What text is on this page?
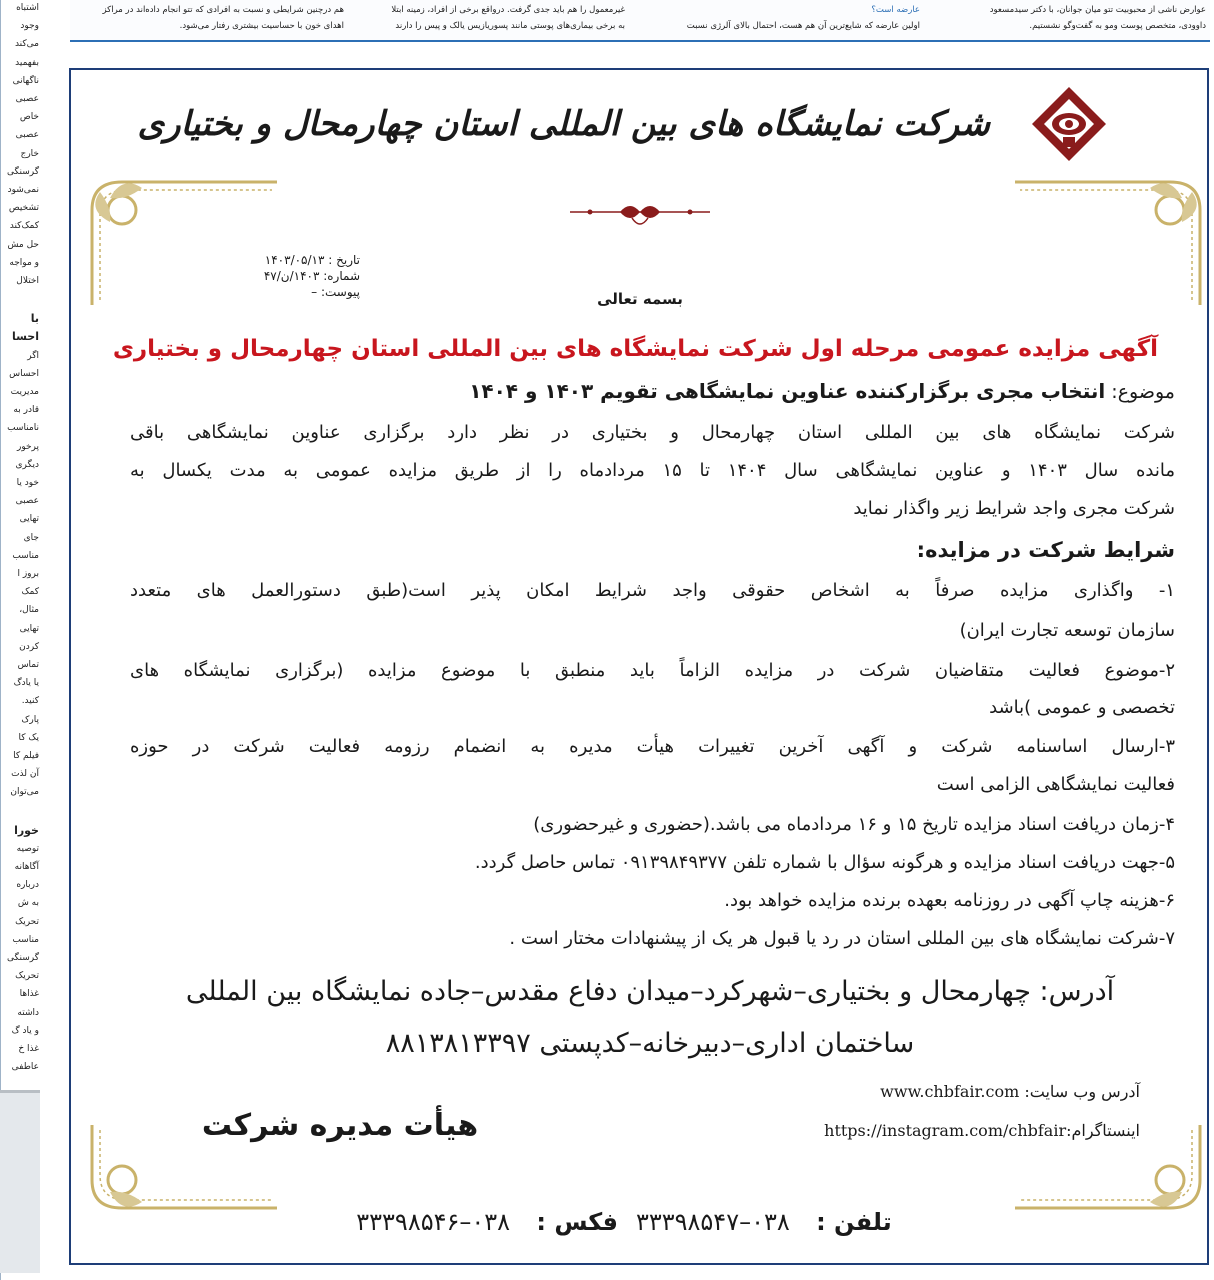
عوارض ناشی از محبوبیت تتو میان جوانان، با دکتر سیدمسعود
داوودی، متخصص پوست ومو به گفت‌وگو نشستیم.
عارضه است؟
اولین عارضه که شایع‌ترین آن هم هست، احتمال بالای آلرژی نسبت
غیرمعمول را هم باید جدی گرفت. درواقع برخی از افراد، زمینه ابتلا
به برخی بیماری‌های پوستی مانند پسوریازیس یالک و پیس را دارند
هم درچنین شرایطی و نسبت به افرادی که تتو انجام داده‌اند در مراکز
اهدای خون با حساسیت بیشتری رفتار می‌شود.
اشتباه
وجود
می‌کند
بفهمید
ناگهانی
عصبی
خاص
عصبی
خارج
گرسنگی
نمی‌شود
تشخیص
کمک‌کند
حل مش
و مواجه
اختلال
با
احسا
اگر
احساس
مدیریت
قادر به
نامناسب
پرخور
دیگری
خود یا
عصبی
تهایی
جای
مناسب
بروز ا
کمک
مثال،
تهایی
کردن
تماس
یا یادگ
کنید.
پارک
یک کا
فیلم کا
آن لذت
می‌توان
خورا
توصیه
آگاهانه
درباره
به ش
تحریک
مناسب
گرسنگی
تحریک
غذاها
داشته
و یاد گ
غذا خ
عاطفی
شرکت نمایشگاه های بین المللی استان چهارمحال و بختیاری
تاریخ : ۱۴۰۳/۰۵/۱۳
شماره: ۱۴۰۳/ن/۴۷
پیوست: –	بسمه تعالی
آگهی مزایده عمومی مرحله اول شرکت نمایشگاه های بین المللی استان چهارمحال و بختیاری
موضوع: انتخاب مجری برگزارکننده عناوین نمایشگاهی تقویم ۱۴۰۳ و ۱۴۰۴
شرکت نمایشگاه های بین المللی استان چهارمحال و بختیاری در نظر دارد برگزاری عناوین نمایشگاهی باقی
مانده سال ۱۴۰۳ و عناوین نمایشگاهی سال ۱۴۰۴ تا ۱۵ مردادماه را از طریق مزایده عمومی به مدت یکسال به
شرکت مجری واجد شرایط زیر واگذار نماید
شرایط شرکت در مزایده:
۱- واگذاری مزایده صرفاً به اشخاص حقوقی واجد شرایط امکان پذیر است(طبق دستورالعمل های متعدد
سازمان توسعه تجارت ایران)
۲-موضوع فعالیت متقاضیان شرکت در مزایده الزاماً باید منطبق با موضوع مزایده (برگزاری نمایشگاه های
تخصصی و عمومی )باشد
۳-ارسال اساسنامه شرکت و آگهی آخرین تغییرات هیأت مدیره به انضمام رزومه فعالیت شرکت در حوزه
فعالیت نمایشگاهی الزامی است
۴-زمان دریافت اسناد مزایده تاریخ ۱۵ و ۱۶ مردادماه می باشد.(حضوری و غیرحضوری)
۵-جهت دریافت اسناد مزایده و هرگونه سؤال با شماره تلفن ۰۹۱۳۹۸۴۹۳۷۷ تماس حاصل گردد.
۶-هزینه چاپ آگهی در روزنامه بعهده برنده مزایده خواهد بود.
۷-شرکت نمایشگاه های بین المللی استان در رد یا قبول هر یک از پیشنهادات مختار است .
آدرس: چهارمحال و بختیاری–شهرکرد–میدان دفاع مقدس–جاده نمایشگاه بین المللی
ساختمان اداری–دبیرخانه–کدپستی ۸۸۱۳۸۱۳۳۹۷
آدرس وب سایت: www.chbfair.com
اینستاگرام:https://instagram.com/chbfair
هیأت مدیره شرکت
تلفن : ۰۳۸–۳۳۳۹۸۵۴۷فکس : ۰۳۸–۳۳۳۹۸۵۴۶
